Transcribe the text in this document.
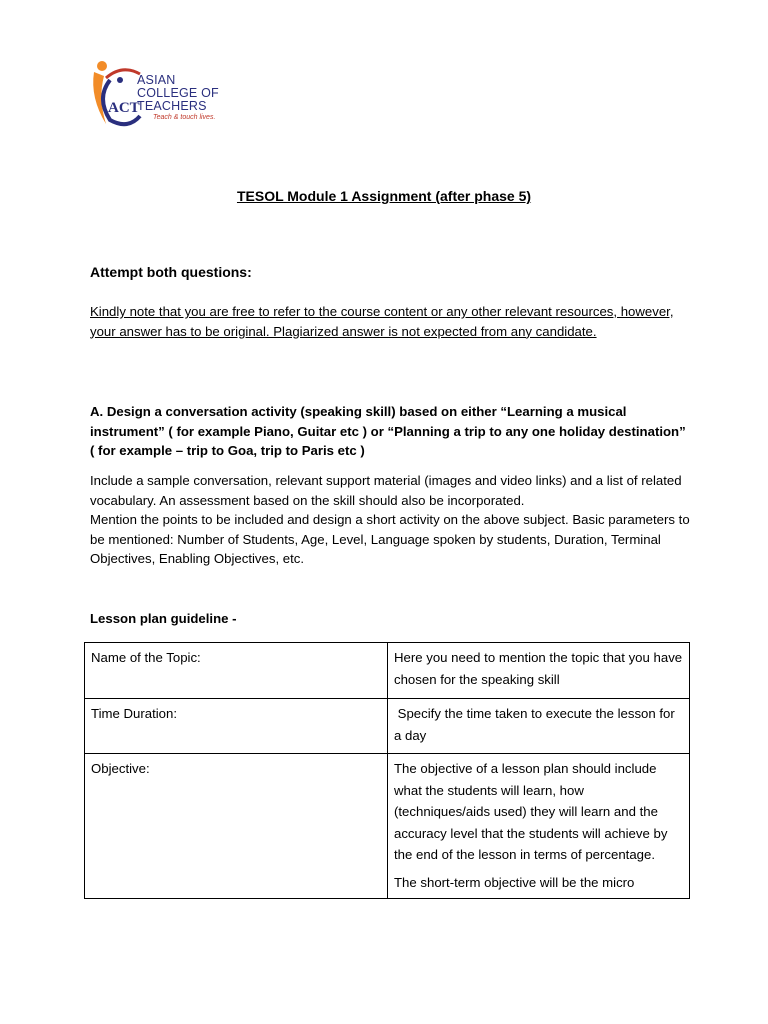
ACT
ASIAN
COLLEGE OF
TEACHERS
Teach & touch lives.
TESOL Module 1 Assignment (after phase 5)
Attempt both questions:
Kindly note that you are free to refer to the course content or any other relevant resources, however, your answer has to be original. Plagiarized answer is not expected from any candidate.
A. Design a conversation activity (speaking skill) based on either “Learning a musical instrument” ( for example Piano, Guitar etc ) or “Planning a trip to any one holiday destination” ( for example – trip to Goa, trip to Paris etc )
Include a sample conversation, relevant support material (images and video links) and a list of related vocabulary. An assessment based on the skill should also be incorporated.
Mention the points to be included and design a short activity on the above subject. Basic parameters to be mentioned: Number of Students, Age, Level, Language spoken by students, Duration, Terminal Objectives, Enabling Objectives, etc.
Lesson plan guideline -
Name of the Topic:	Here you need to mention the topic that you have chosen for the speaking skill
Time Duration:	Specify the time taken to execute the lesson for a day
Objective:	The objective of a lesson plan should include what the students will learn, how (techniques/aids used) they will learn and the accuracy level that the students will achieve by the end of the lesson in terms of percentage.
The short-term objective will be the micro
